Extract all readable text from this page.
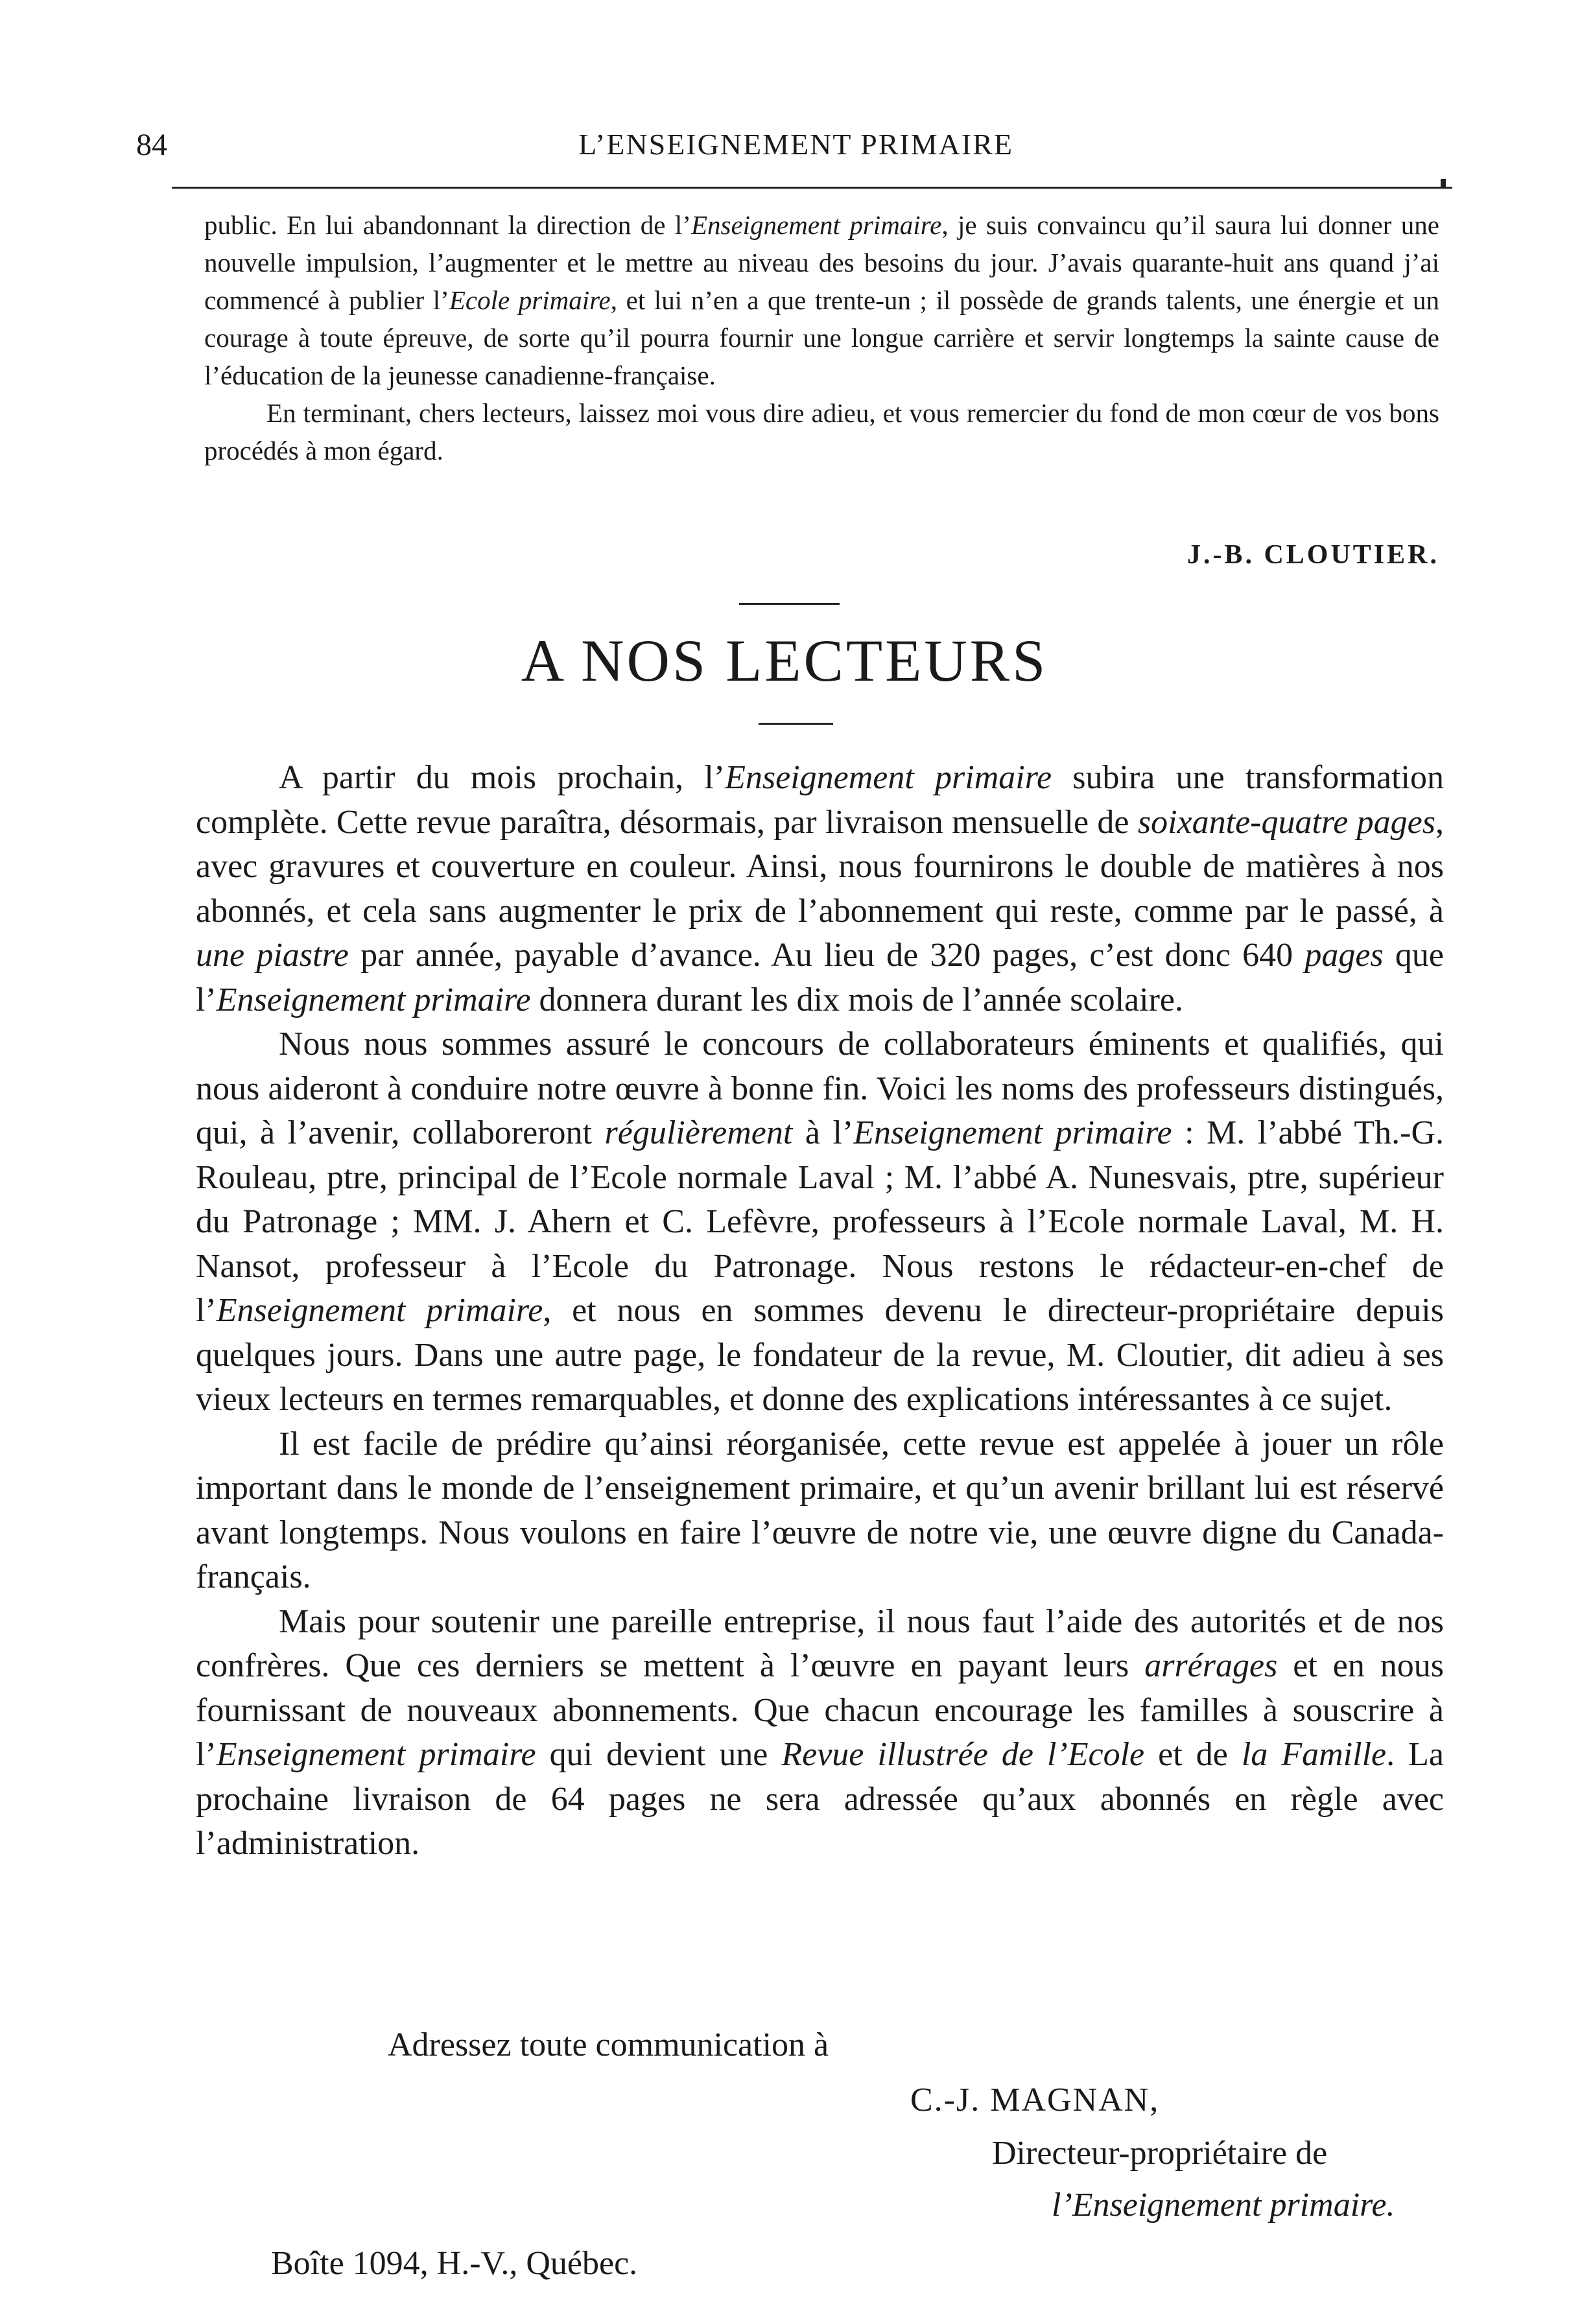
84	L’ENSEIGNEMENT PRIMAIRE

public. En lui abandonnant la direction de l’Enseignement primaire, je suis convaincu qu’il saura lui donner une nouvelle impulsion, l’augmenter et le mettre au niveau des besoins du jour. J’avais quarante-huit ans quand j’ai commencé à publier l’Ecole primaire, et lui n’en a que trente-un ; il possède de grands talents, une énergie et un courage à toute épreuve, de sorte qu’il pourra fournir une longue carrière et servir longtemps la sainte cause de l’éducation de la jeunesse canadienne-française.

En terminant, chers lecteurs, laissez moi vous dire adieu, et vous remercier du fond de mon cœur de vos bons procédés à mon égard.

J.-B. CLOUTIER.
A NOS LECTEURS

A partir du mois prochain, l’Enseignement primaire subira une transformation complète. Cette revue paraîtra, désormais, par livraison mensuelle de soixante-quatre pages, avec gravures et couverture en couleur. Ainsi, nous fournirons le double de matières à nos abonnés, et cela sans augmenter le prix de l’abonnement qui reste, comme par le passé, à une piastre par année, payable d’avance. Au lieu de 320 pages, c’est donc 640 pages que l’Enseignement primaire donnera durant les dix mois de l’année scolaire.

Nous nous sommes assuré le concours de collaborateurs éminents et qualifiés, qui nous aideront à conduire notre œuvre à bonne fin. Voici les noms des professeurs distingués, qui, à l’avenir, collaboreront régulièrement à l’Enseignement primaire : M. l’abbé Th.-G. Rouleau, ptre, principal de l’Ecole normale Laval ; M. l’abbé A. Nunesvais, ptre, supérieur du Patronage ; MM. J. Ahern et C. Lefèvre, professeurs à l’Ecole normale Laval, M. H. Nansot, professeur à l’Ecole du Patronage. Nous restons le rédacteur-en-chef de l’Enseignement primaire, et nous en sommes devenu le directeur-propriétaire depuis quelques jours. Dans une autre page, le fondateur de la revue, M. Cloutier, dit adieu à ses vieux lecteurs en termes remarquables, et donne des explications intéressantes à ce sujet.

Il est facile de prédire qu’ainsi réorganisée, cette revue est appelée à jouer un rôle important dans le monde de l’enseignement primaire, et qu’un avenir brillant lui est réservé avant longtemps. Nous voulons en faire l’œuvre de notre vie, une œuvre digne du Canada-français.

Mais pour soutenir une pareille entreprise, il nous faut l’aide des autorités et de nos confrères. Que ces derniers se mettent à l’œuvre en payant leurs arrérages et en nous fournissant de nouveaux abonnements. Que chacun encourage les familles à souscrire à l’Enseignement primaire qui devient une Revue illustrée de l’Ecole et de la Famille. La prochaine livraison de 64 pages ne sera adressée qu’aux abonnés en règle avec l’administration.

Adressez toute communication à
C.-J. MAGNAN,
Directeur-propriétaire de
l’Enseignement primaire.
Boîte 1094, H.-V., Québec.
